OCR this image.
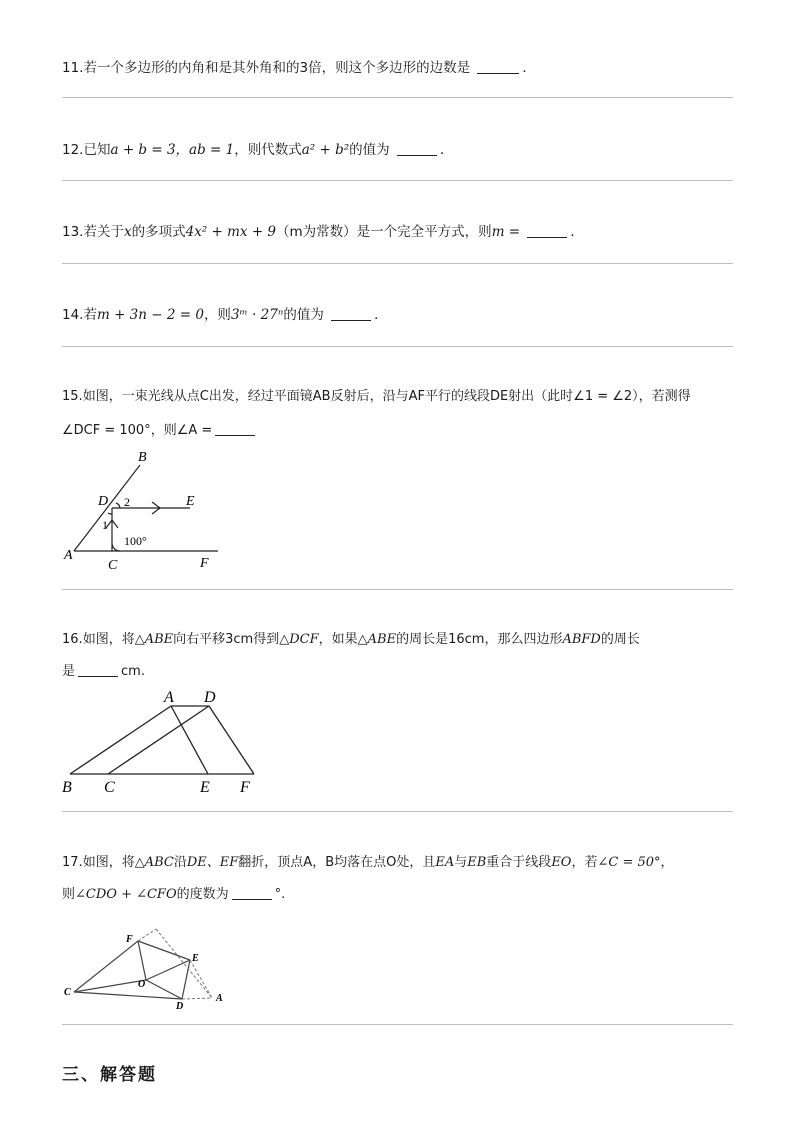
11.若一个多边形的内角和是其外角和的3倍，则这个多边形的边数是	．
12.已知a + b = 3，ab = 1，则代数式a² + b²的值为	．
13.若关于x的多项式4x² + mx + 9（m为常数）是一个完全平方式，则m =	．
14.若m + 3n − 2 = 0，则3ᵐ · 27ⁿ的值为	．
15.如图，一束光线从点C出发，经过平面镜AB反射后，沿与AF平行的线段DE射出（此时∠1 = ∠2），若测得
∠DCF = 100°，则∠A =
B
D	E
A
C	F
1
2
100°
16.如图，将△ABE向右平移3cm得到△DCF，如果△ABE的周长是16cm，那么四边形ABFD的周长
是	cm.
A D
B C	E F
17.如图，将△ABC沿DE、EF翻折，顶点A，B均落在点O处，且EA与EB重合于线段EO，若∠C = 50°，
则∠CDO + ∠CFO的度数为	°.
F
E
C
O
D
A
三、解答题
